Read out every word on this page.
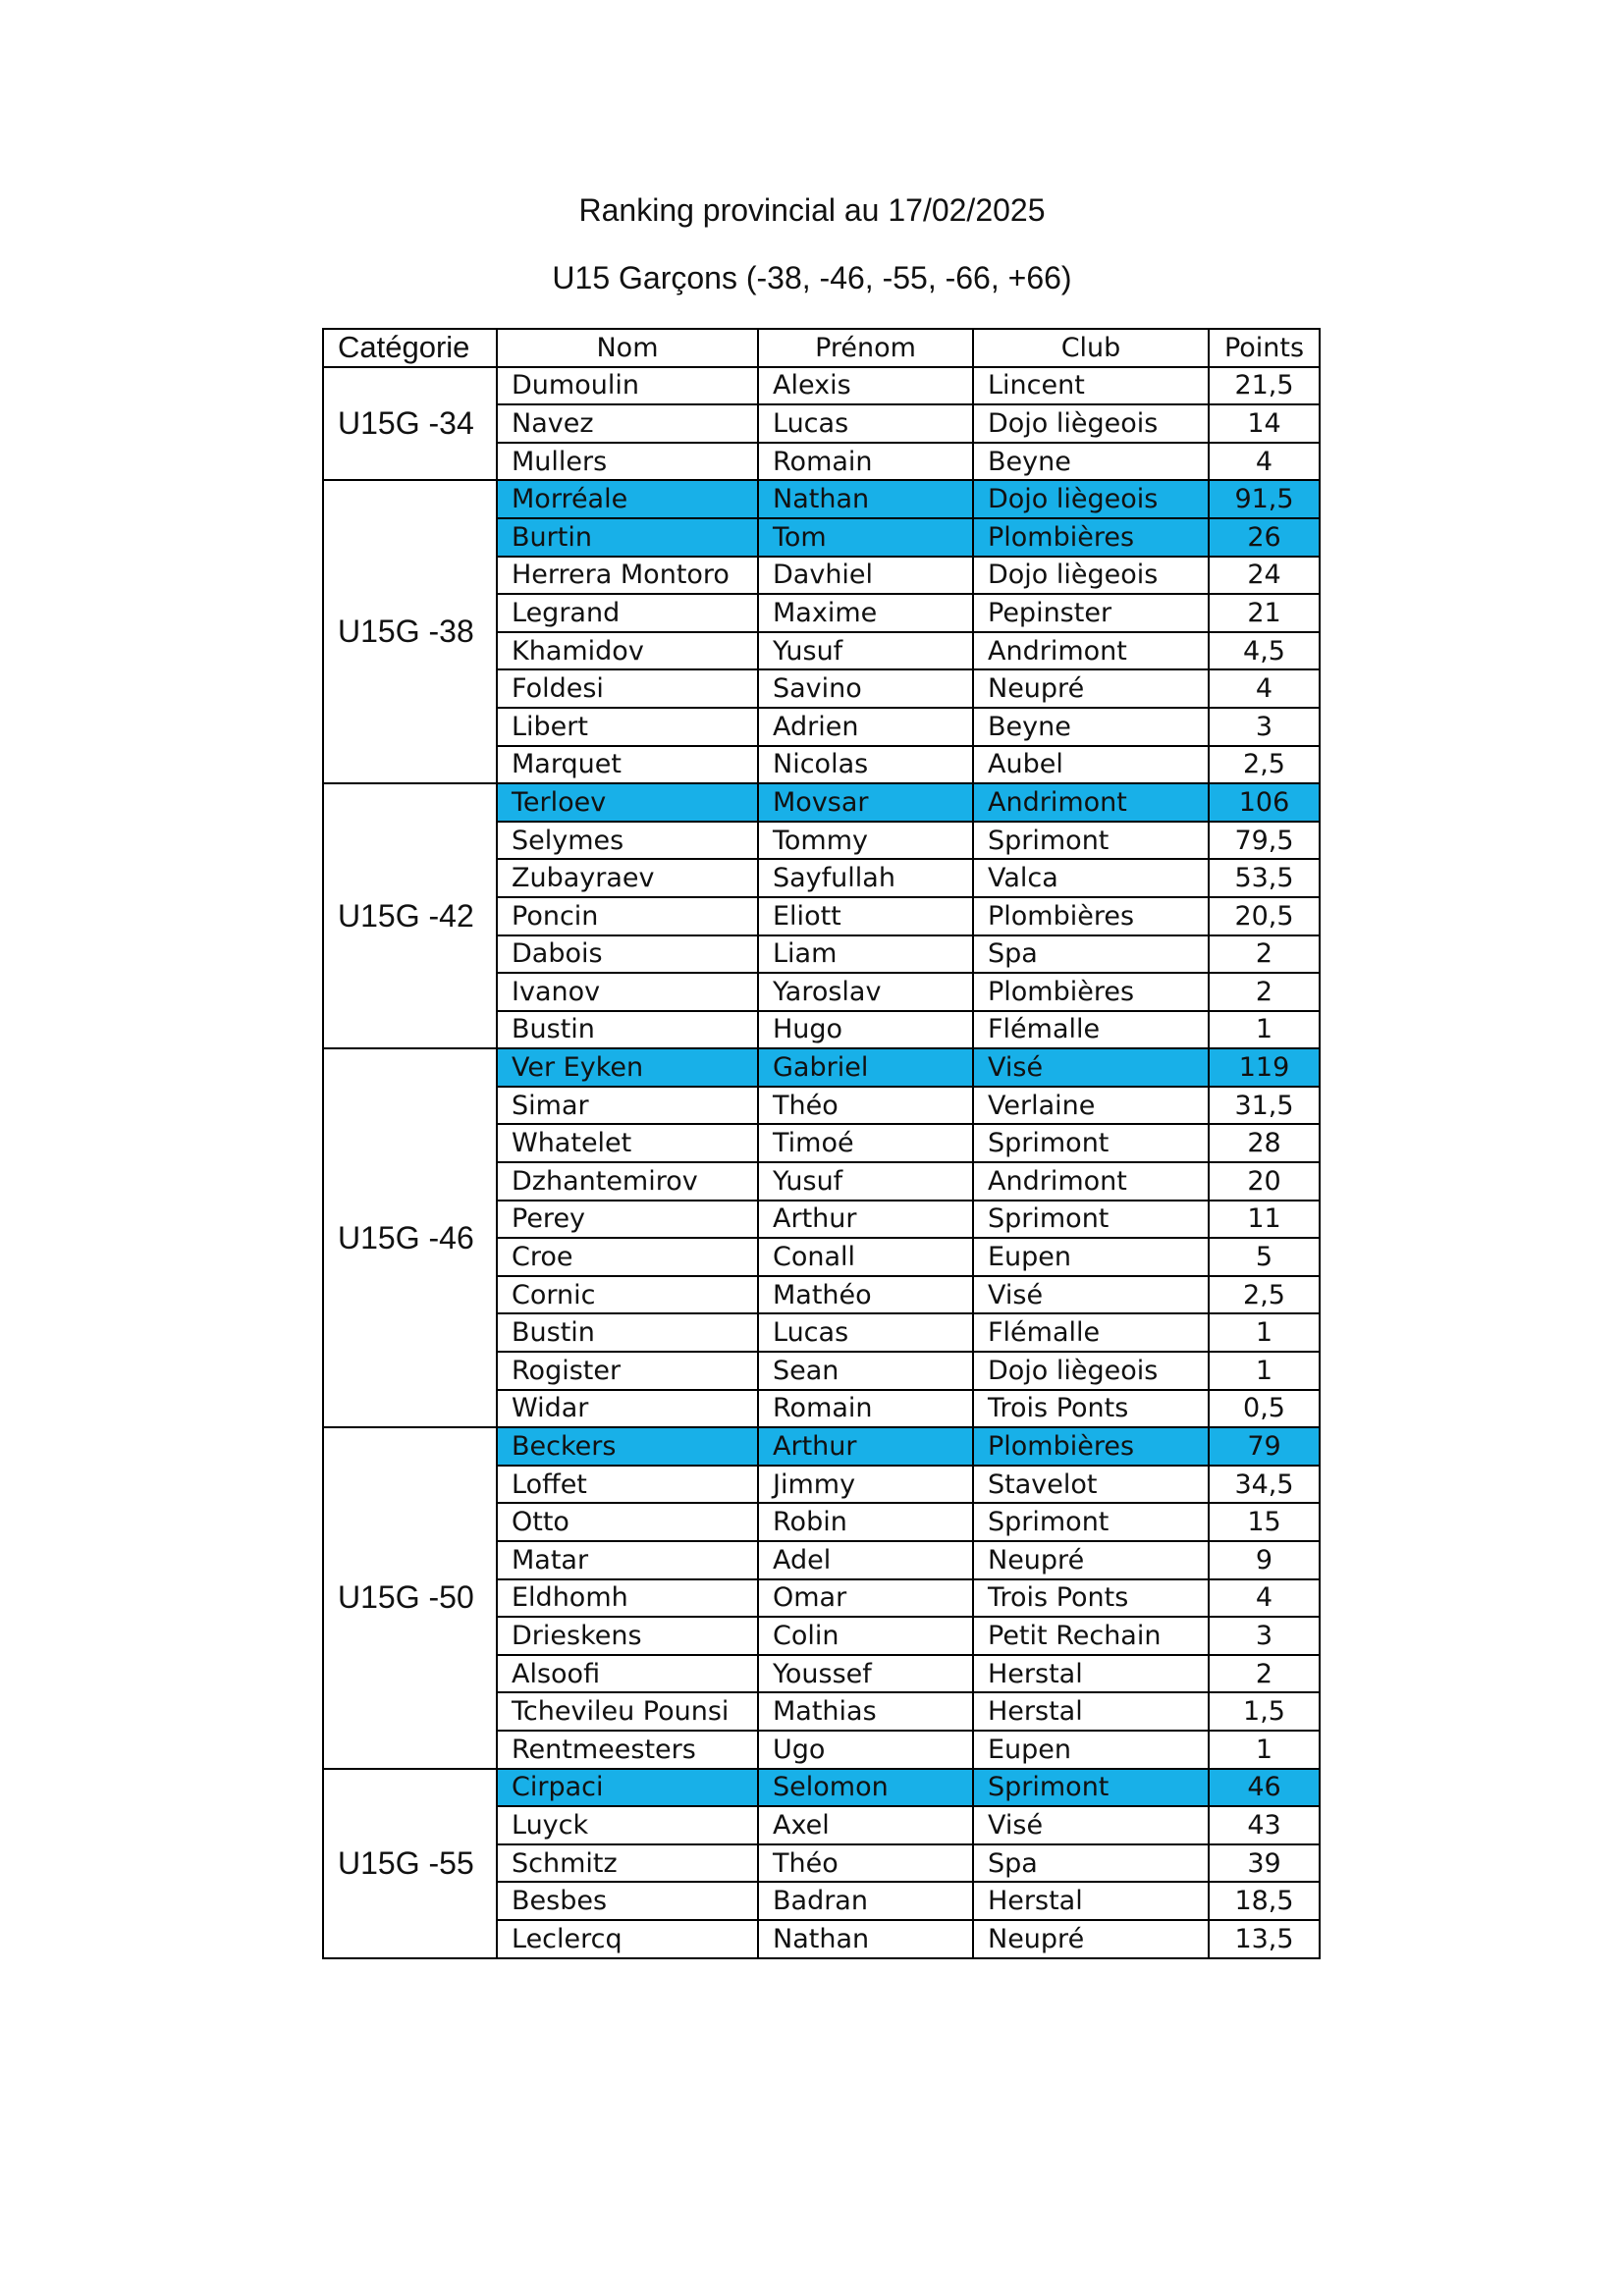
Ranking provincial au 17/02/2025
U15 Garçons (-38, -46, -55, -66, +66)
Catégorie	Nom	Prénom	Club	Points
U15G -34	Dumoulin	Alexis	Lincent	21,5
	Navez	Lucas	Dojo liègeois	14
	Mullers	Romain	Beyne	4
U15G -38	Morréale	Nathan	Dojo liègeois	91,5
	Burtin	Tom	Plombières	26
	Herrera Montoro	Davhiel	Dojo liègeois	24
	Legrand	Maxime	Pepinster	21
	Khamidov	Yusuf	Andrimont	4,5
	Foldesi	Savino	Neupré	4
	Libert	Adrien	Beyne	3
	Marquet	Nicolas	Aubel	2,5
U15G -42	Terloev	Movsar	Andrimont	106
	Selymes	Tommy	Sprimont	79,5
	Zubayraev	Sayfullah	Valca	53,5
	Poncin	Eliott	Plombières	20,5
	Dabois	Liam	Spa	2
	Ivanov	Yaroslav	Plombières	2
	Bustin	Hugo	Flémalle	1
U15G -46	Ver Eyken	Gabriel	Visé	119
	Simar	Théo	Verlaine	31,5
	Whatelet	Timoé	Sprimont	28
	Dzhantemirov	Yusuf	Andrimont	20
	Perey	Arthur	Sprimont	11
	Croe	Conall	Eupen	5
	Cornic	Mathéo	Visé	2,5
	Bustin	Lucas	Flémalle	1
	Rogister	Sean	Dojo liègeois	1
	Widar	Romain	Trois Ponts	0,5
U15G -50	Beckers	Arthur	Plombières	79
	Loffet	Jimmy	Stavelot	34,5
	Otto	Robin	Sprimont	15
	Matar	Adel	Neupré	9
	Eldhomh	Omar	Trois Ponts	4
	Drieskens	Colin	Petit Rechain	3
	Alsoofi	Youssef	Herstal	2
	Tchevileu Pounsi	Mathias	Herstal	1,5
	Rentmeesters	Ugo	Eupen	1
U15G -55	Cirpaci	Selomon	Sprimont	46
	Luyck	Axel	Visé	43
	Schmitz	Théo	Spa	39
	Besbes	Badran	Herstal	18,5
	Leclercq	Nathan	Neupré	13,5
